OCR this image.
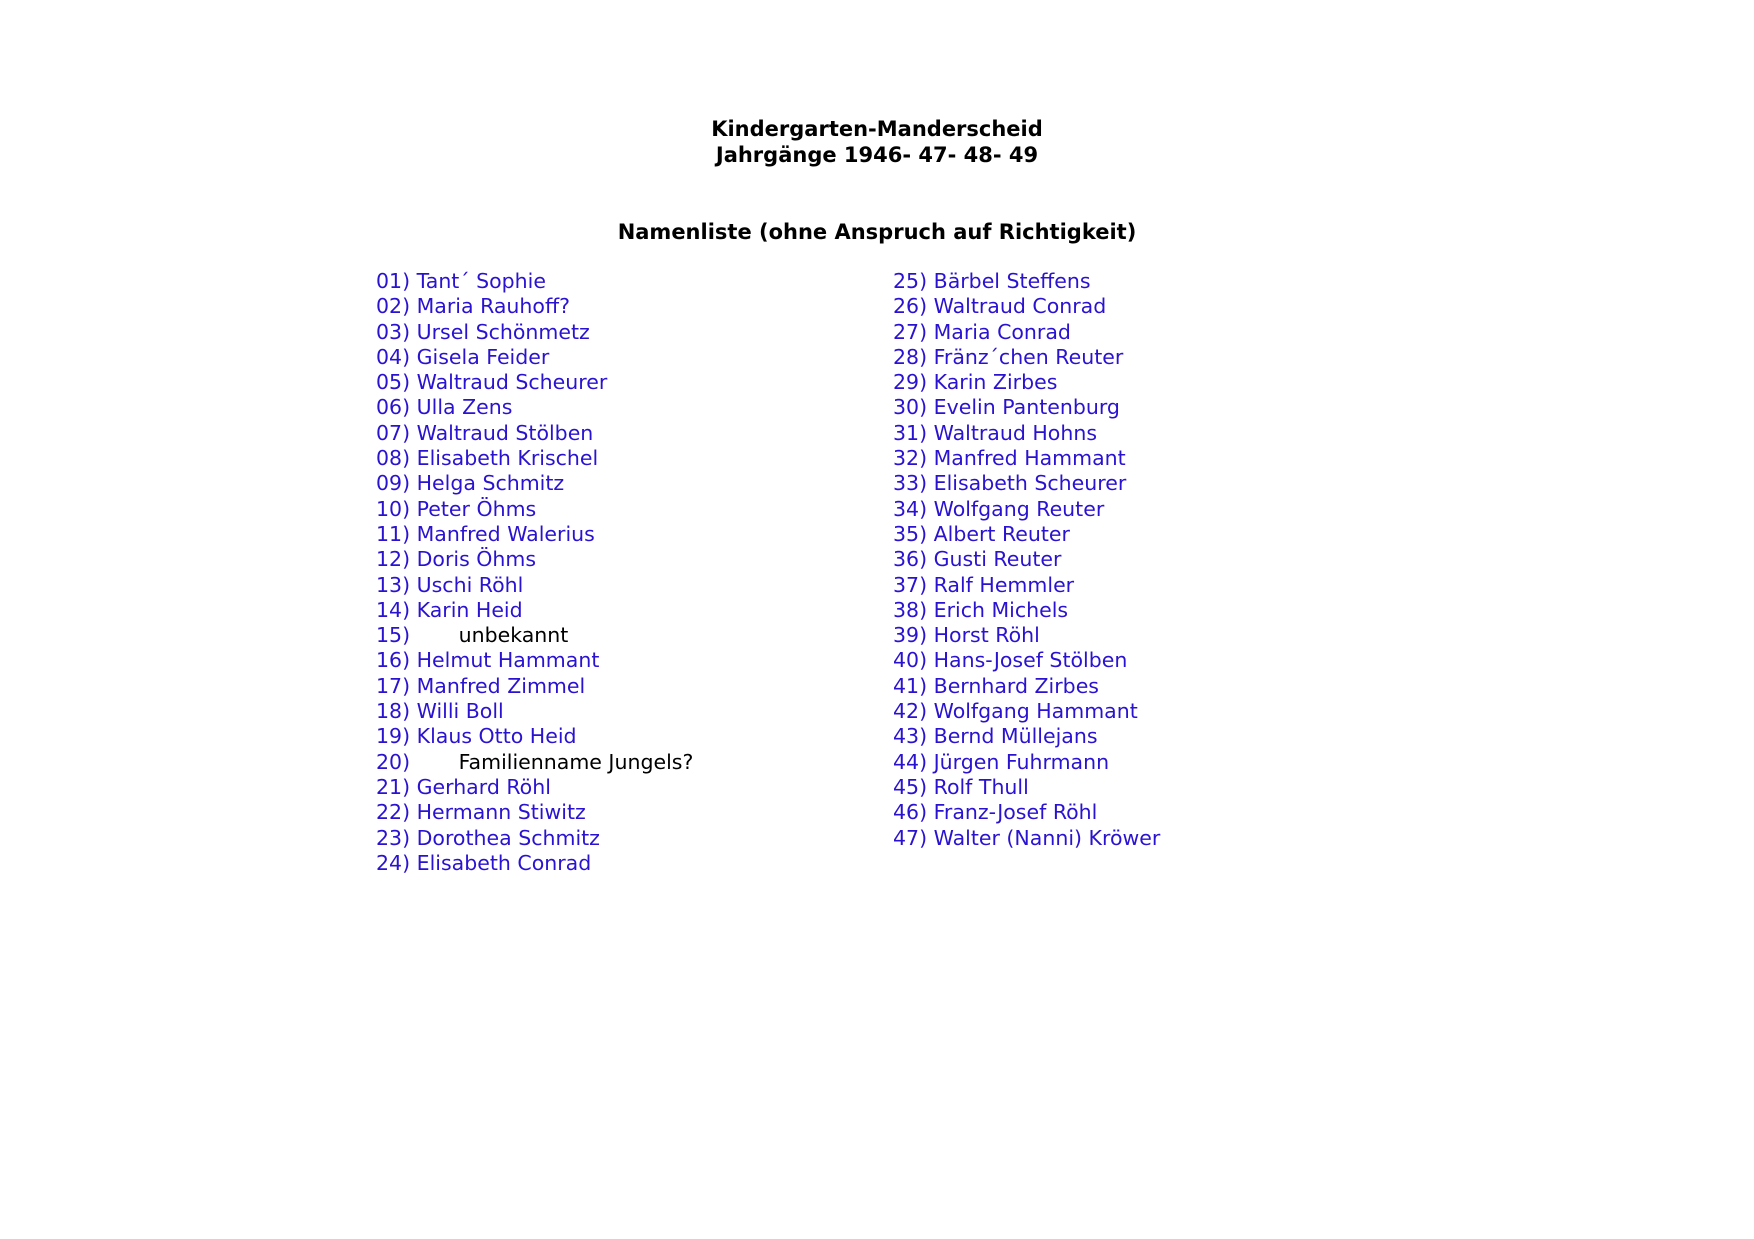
Kindergarten-Manderscheid
Jahrgänge 1946- 47- 48- 49
Namenliste (ohne Anspruch auf Richtigkeit)
01) Tant´ Sophie
02) Maria Rauhoff?
03) Ursel Schönmetz
04) Gisela Feider
05) Waltraud Scheurer
06) Ulla Zens
07) Waltraud Stölben
08) Elisabeth Krischel
09) Helga Schmitz
10) Peter Öhms
11) Manfred Walerius
12) Doris Öhms
13) Uschi Röhl
14) Karin Heid
15) unbekannt
16) Helmut Hammant
17) Manfred Zimmel
18) Willi Boll
19) Klaus Otto Heid
20) Familienname Jungels?
21) Gerhard Röhl
22) Hermann Stiwitz
23) Dorothea Schmitz
24) Elisabeth Conrad
25) Bärbel Steffens
26) Waltraud Conrad
27) Maria Conrad
28) Fränz´chen Reuter
29) Karin Zirbes
30) Evelin Pantenburg
31) Waltraud Hohns
32) Manfred Hammant
33) Elisabeth Scheurer
34) Wolfgang Reuter
35) Albert Reuter
36) Gusti Reuter
37) Ralf Hemmler
38) Erich Michels
39) Horst Röhl
40) Hans-Josef Stölben
41) Bernhard Zirbes
42) Wolfgang Hammant
43) Bernd Müllejans
44) Jürgen Fuhrmann
45) Rolf Thull
46) Franz-Josef Röhl
47) Walter (Nanni) Kröwer
